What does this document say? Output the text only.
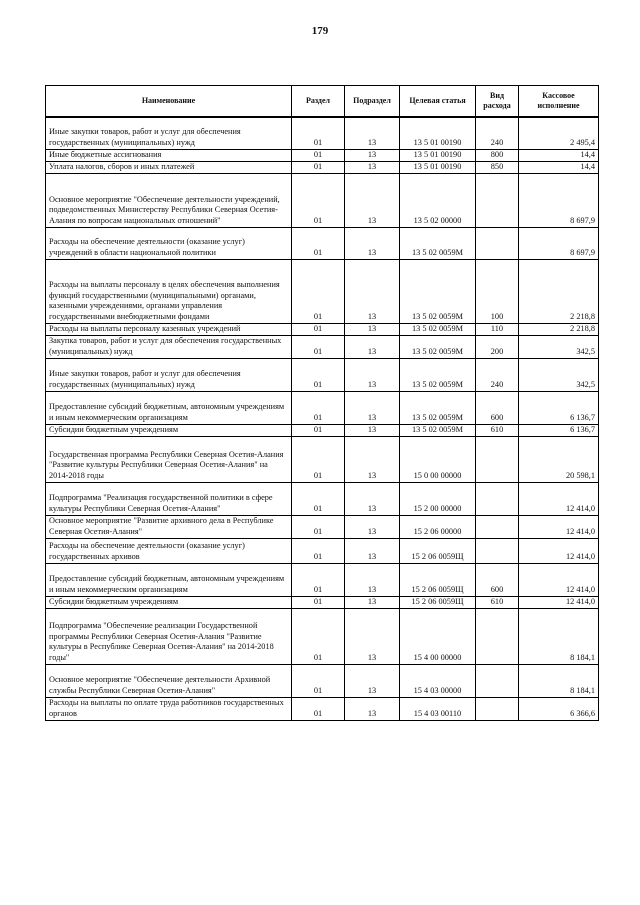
179
Наименование	Раздел	Подраздел	Целевая статья	Вид расхода	Кассовое исполнение
Иные закупки товаров, работ и услуг для обеспечения государственных (муниципальных) нужд	01	13	13 5 01 00190	240	2 495,4
Иные бюджетные ассигнования	01	13	13 5 01 00190	800	14,4
Уплата налогов, сборов и иных платежей	01	13	13 5 01 00190	850	14,4
Основное мероприятие "Обеспечение деятельности учреждений, подведомственных Министерству Республики Северная Осетия-Алания по вопросам национальных отношений"	01	13	13 5 02 00000		8 697,9
Расходы на обеспечение деятельности (оказание услуг) учреждений в области национальной политики	01	13	13 5 02 0059М		8 697,9
Расходы на выплаты персоналу в целях обеспечения выполнения функций государственными (муниципальными) органами, казенными учреждениями, органами управления государственными внебюджетными фондами	01	13	13 5 02 0059М	100	2 218,8
Расходы на выплаты персоналу казенных учреждений	01	13	13 5 02 0059М	110	2 218,8
Закупка товаров, работ и услуг для обеспечения государственных (муниципальных) нужд	01	13	13 5 02 0059М	200	342,5
Иные закупки товаров, работ и услуг для обеспечения государственных (муниципальных) нужд	01	13	13 5 02 0059М	240	342,5
Предоставление субсидий бюджетным, автономным учреждениям и иным некоммерческим организациям	01	13	13 5 02 0059М	600	6 136,7
Субсидии бюджетным учреждениям	01	13	13 5 02 0059М	610	6 136,7
Государственная программа Республики Северная Осетия-Алания "Развитие культуры Республики Северная Осетия-Алания" на 2014-2018 годы	01	13	15 0 00 00000		20 598,1
Подпрограмма "Реализация государственной политики в сфере культуры Республики Северная Осетия-Алания"	01	13	15 2 00 00000		12 414,0
Основное мероприятие "Развитие архивного дела в Республике Северная Осетия-Алания"	01	13	15 2 06 00000		12 414,0
Расходы на обеспечение деятельности (оказание услуг) государственных архивов	01	13	15 2 06 0059Щ		12 414,0
Предоставление субсидий бюджетным, автономным учреждениям и иным некоммерческим организациям	01	13	15 2 06 0059Щ	600	12 414,0
Субсидии бюджетным учреждениям	01	13	15 2 06 0059Щ	610	12 414,0
Подпрограмма "Обеспечение реализации Государственной программы Республики Северная Осетия-Алания "Развитие культуры в Республике Северная Осетия-Алания" на 2014-2018 годы"	01	13	15 4 00 00000		8 184,1
Основное мероприятие "Обеспечение деятельности Архивной службы Республики Северная Осетия-Алания"	01	13	15 4 03 00000		8 184,1
Расходы на выплаты по оплате труда работников государственных органов	01	13	15 4 03 00110		6 366,6
